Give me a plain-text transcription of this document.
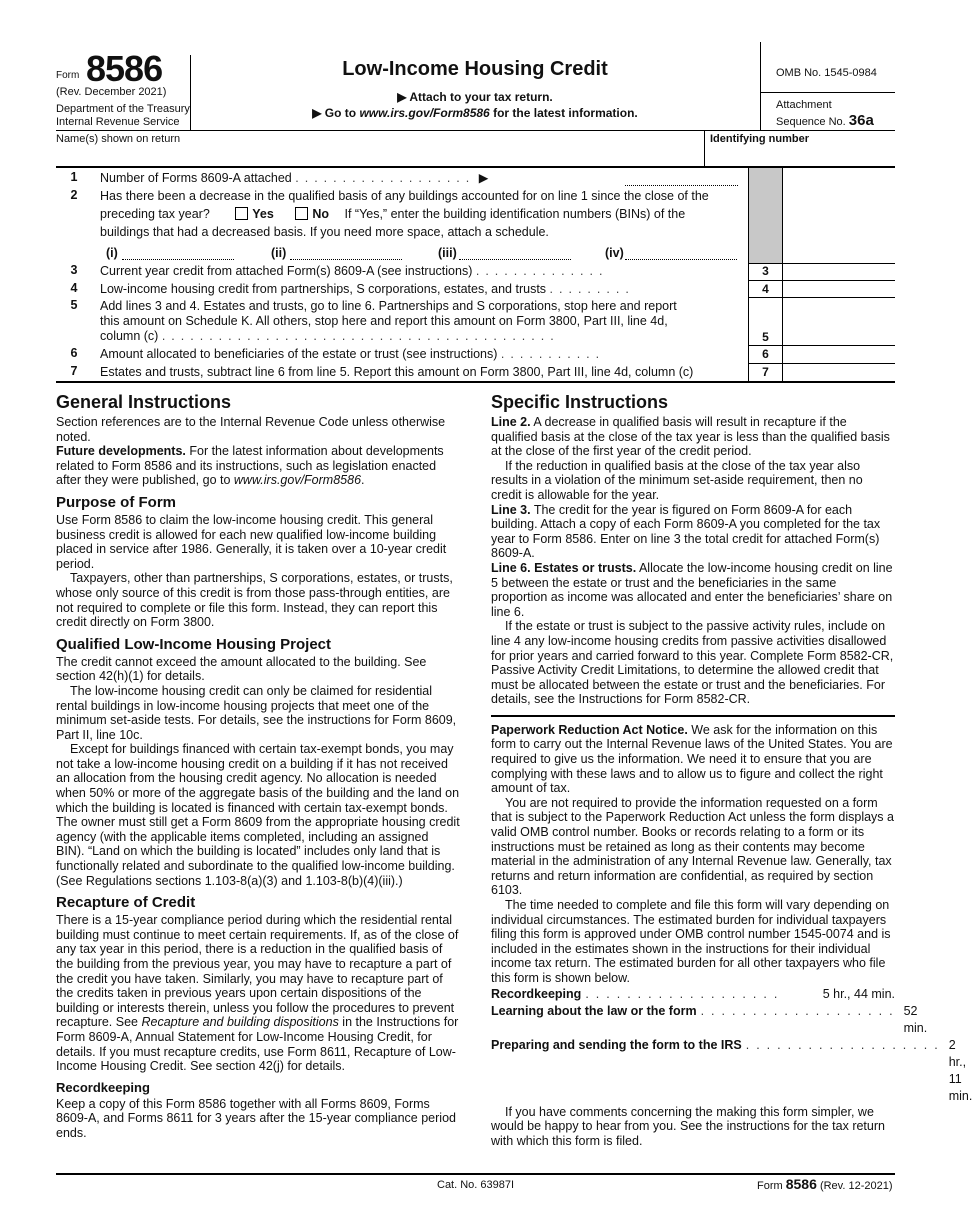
Form 8586
(Rev. December 2021)
Department of the Treasury
Internal Revenue Service
Low-Income Housing Credit
▶ Attach to your tax return.
▶ Go to www.irs.gov/Form8586 for the latest information.
OMB No. 1545-0984
Attachment
Sequence No. 36a
Name(s) shown on return	Identifying number
1	Number of Forms 8609-A attached ................... ▶
2	Has there been a decrease in the qualified basis of any buildings accounted for on line 1 since the close of the
preceding tax year?	Yes	No If “Yes,” enter the building identification numbers (BINs) of the
buildings that had a decreased basis. If you need more space, attach a schedule.
(i)	(ii)	(iii)	(iv)
3	Current year credit from attached Form(s) 8609-A (see instructions) ..............	3
4	Low-income housing credit from partnerships, S corporations, estates, and trusts .........	4
5	Add lines 3 and 4. Estates and trusts, go to line 6. Partnerships and S corporations, stop here and report
this amount on Schedule K. All others, stop here and report this amount on Form 3800, Part III, line 4d,
column (c) ..........................................	5
6	Amount allocated to beneficiaries of the estate or trust (see instructions) ...........	6
7	Estates and trusts, subtract line 6 from line 5. Report this amount on Form 3800, Part III, line 4d, column (c)	7
General Instructions

Section references are to the Internal Revenue Code unless otherwise noted.

Future developments. For the latest information about developments related to Form 8586 and its instructions, such as legislation enacted after they were published, go to www.irs.gov/Form8586.

Purpose of Form

Use Form 8586 to claim the low-income housing credit. This general business credit is allowed for each new qualified low-income building placed in service after 1986. Generally, it is taken over a 10-year credit period.

Taxpayers, other than partnerships, S corporations, estates, or trusts, whose only source of this credit is from those pass-through entities, are not required to complete or file this form. Instead, they can report this credit directly on Form 3800.

Qualified Low-Income Housing Project

The credit cannot exceed the amount allocated to the building. See section 42(h)(1) for details.

The low-income housing credit can only be claimed for residential rental buildings in low-income housing projects that meet one of the minimum set-aside tests. For details, see the instructions for Form 8609, Part II, line 10c.

Except for buildings financed with certain tax-exempt bonds, you may not take a low-income housing credit on a building if it has not received an allocation from the housing credit agency. No allocation is needed when 50% or more of the aggregate basis of the building and the land on which the building is located is financed with certain tax-exempt bonds. The owner must still get a Form 8609 from the appropriate housing credit agency (with the applicable items completed, including an assigned BIN). “Land on which the building is located” includes only land that is functionally related and subordinate to the qualified low-income building. (See Regulations sections 1.103-8(a)(3) and 1.103-8(b)(4)(iii).)

Recapture of Credit

There is a 15-year compliance period during which the residential rental building must continue to meet certain requirements. If, as of the close of any tax year in this period, there is a reduction in the qualified basis of the building from the previous year, you may have to recapture a part of the credit you have taken. Similarly, you may have to recapture part of the credits taken in previous years upon certain dispositions of the building or interests therein, unless you follow the procedures to prevent recapture. See Recapture and building dispositions in the Instructions for Form 8609-A, Annual Statement for Low-Income Housing Credit, for details. If you must recapture credits, use Form 8611, Recapture of Low-Income Housing Credit. See section 42(j) for details.

Recordkeeping

Keep a copy of this Form 8586 together with all Forms 8609, Forms 8609-A, and Forms 8611 for 3 years after the 15-year compliance period ends.

Specific Instructions

Line 2. A decrease in qualified basis will result in recapture if the qualified basis at the close of the tax year is less than the qualified basis at the close of the first year of the credit period.

If the reduction in qualified basis at the close of the tax year also results in a violation of the minimum set-aside requirement, then no credit is allowable for the year.

Line 3. The credit for the year is figured on Form 8609-A for each building. Attach a copy of each Form 8609-A you completed for the tax year to Form 8586. Enter on line 3 the total credit for attached Form(s) 8609-A.

Line 6. Estates or trusts. Allocate the low-income housing credit on line 5 between the estate or trust and the beneficiaries in the same proportion as income was allocated and enter the beneficiaries’ share on line 6.

If the estate or trust is subject to the passive activity rules, include on line 4 any low-income housing credits from passive activities disallowed for prior years and carried forward to this year. Complete Form 8582-CR, Passive Activity Credit Limitations, to determine the allowed credit that must be allocated between the estate or trust and the beneficiaries. For details, see the Instructions for Form 8582-CR.

Paperwork Reduction Act Notice. We ask for the information on this form to carry out the Internal Revenue laws of the United States. You are required to give us the information. We need it to ensure that you are complying with these laws and to allow us to figure and collect the right amount of tax.

You are not required to provide the information requested on a form that is subject to the Paperwork Reduction Act unless the form displays a valid OMB control number. Books or records relating to a form or its instructions must be retained as long as their contents may become material in the administration of any Internal Revenue law. Generally, tax returns and return information are confidential, as required by section 6103.

The time needed to complete and file this form will vary depending on individual circumstances. The estimated burden for individual taxpayers filing this form is approved under OMB control number 1545-0074 and is included in the estimates shown in the instructions for their individual income tax return. The estimated burden for all other taxpayers who file this form is shown below.

Recordkeeping ...................	5 hr., 44 min.
Learning about the law or the form ................... 52 min.
Preparing and sending the form to the IRS ................... 2 hr., 11 min.

If you have comments concerning the making this form simpler, we would be happy to hear from you. See the instructions for the tax return with which this form is filed.

Cat. No. 63987I	Form 8586 (Rev. 12-2021)
